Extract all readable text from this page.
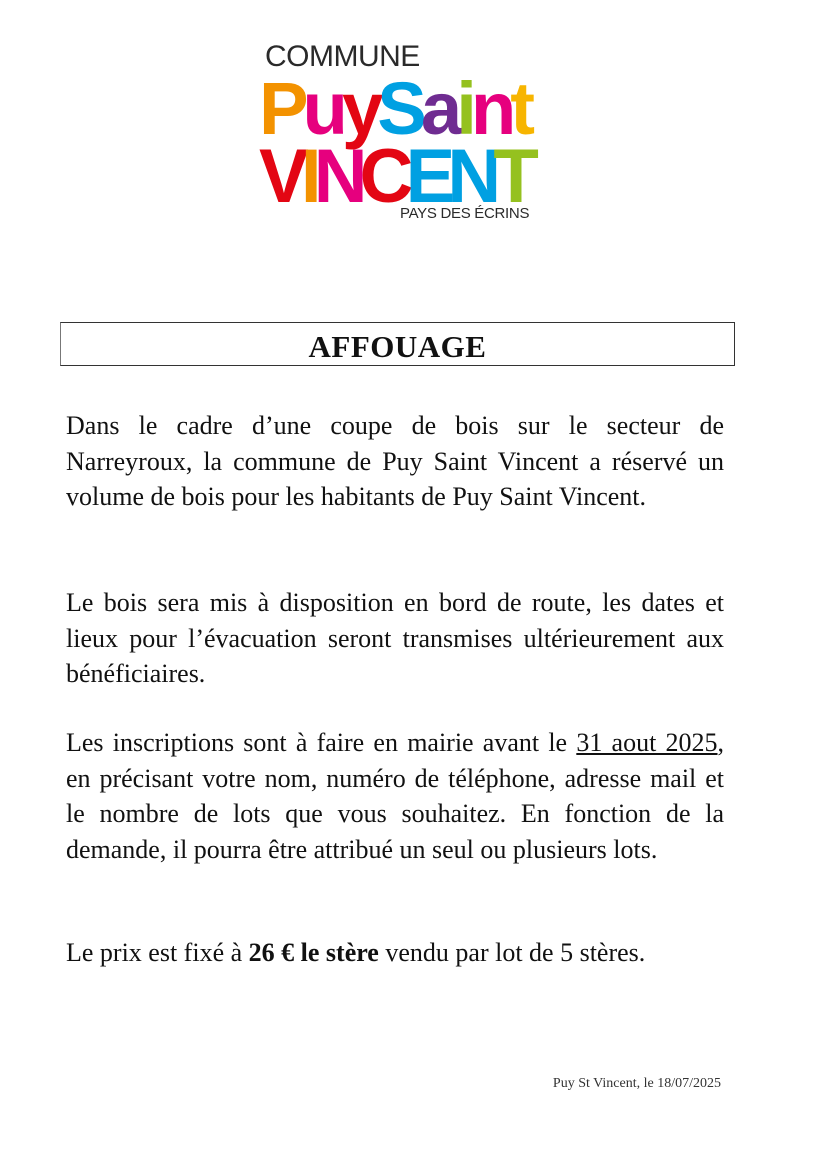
COMMUNE
PuySaint
VINCENT
PAYS DES ÉCRINS
AFFOUAGE
Dans le cadre d’une coupe de bois sur le secteur de Narreyroux, la commune de Puy Saint Vincent a réservé un volume de bois pour les habitants de Puy Saint Vincent.
Le bois sera mis à disposition en bord de route, les dates et lieux pour l’évacuation seront transmises ultérieurement aux bénéficiaires.
Les inscriptions sont à faire en mairie avant le 31 aout 2025, en précisant votre nom, numéro de téléphone, adresse mail et le nombre de lots que vous souhaitez. En fonction de la demande, il pourra être attribué un seul ou plusieurs lots.
Le prix est fixé à 26 € le stère vendu par lot de 5 stères.
Puy St Vincent, le 18/07/2025
